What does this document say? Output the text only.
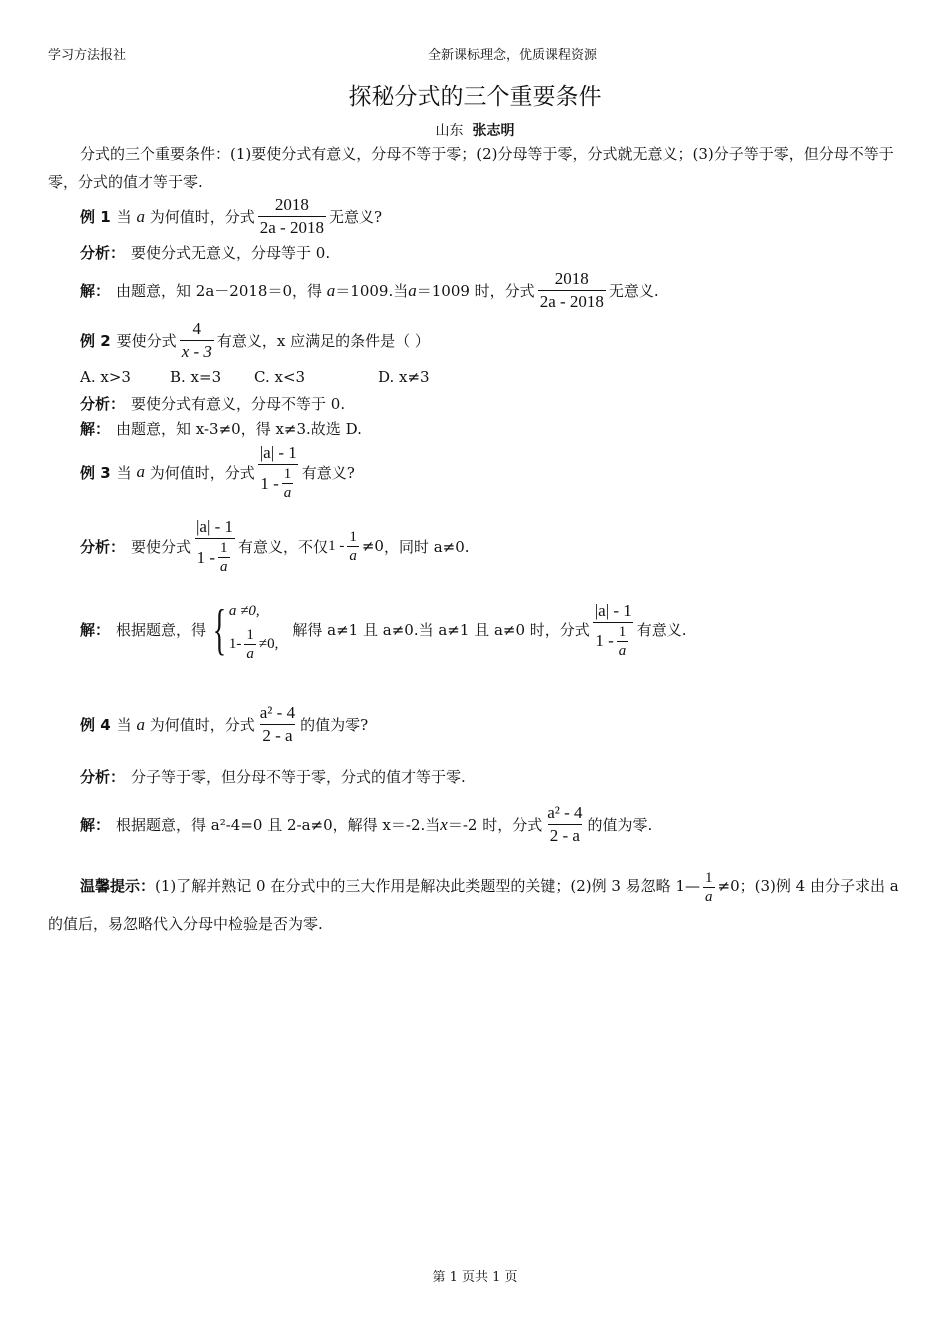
学习方法报社	全新课标理念，优质课程资源
探秘分式的三个重要条件
山东 张志明
分式的三个重要条件：(1)要使分式有意义，分母不等于零；(2)分母等于零，分式就无意义；(3)分子等于零，但分母不等于零，分式的值才等于零.
例 1 当
a
为何值时，分式 $\frac{2018}{2a - 2018}$ 无意义?
分析： 要使分式无意义，分母等于 0.
解： 由题意，知 2a－2018＝0，得
a ＝1009.当 a ＝1009 时，分式 $\frac{2018}{2a - 2018}$ 无意义.
例 2 要使分式 $\frac{4}{x - 3}$ 有意义，x 应满足的条件是（ ）
A. x>3	B. x=3	C. x<3	D. x≠3
分析： 要使分式有意义，分母不等于 0.
解： 由题意，知 x-3≠0，得 x≠3.故选 D.
例 3 当
a
为何值时，分式 $\frac{|a| - 1}{1 - \frac{1}{a}}$ 有意义?
分析： 要使分式 $\frac{|a| - 1}{1 - \frac{1}{a}}$ 有意义，不仅 $1 - \frac{1}{a} \ne 0$ ，同时 a≠0.
解： 根据题意，得 { a ≠0,
$1- \frac{1}{a} \ne 0$,
解得 a≠1 且 a≠0.当 a≠1 且 a≠0 时，分式 $\frac{|a| - 1}{1 - \frac{1}{a}}$ 有意义.
例 4 当
a
为何值时，分式 $\frac{\text{a² - 4}}{2 - a}$ 的值为零?
分析： 分子等于零，但分母不等于零，分式的值才等于零.
解： 根据题意，得 a²-4=0 且 2-a≠0，解得 x＝-2.当 x ＝-2 时，分式 $\frac{\text{a² - 4}}{2 - a}$ 的值为零.
温馨提示：(1)了解并熟记 0 在分式中的三大作用是解决此类题型的关键；(2)例 3 易忽略 1— $\frac{1}{a} \ne 0$；(3)例 4 由分子求出 a 的值后，易忽略代入分母中检验是否为零.
第 1 页共 1 页
